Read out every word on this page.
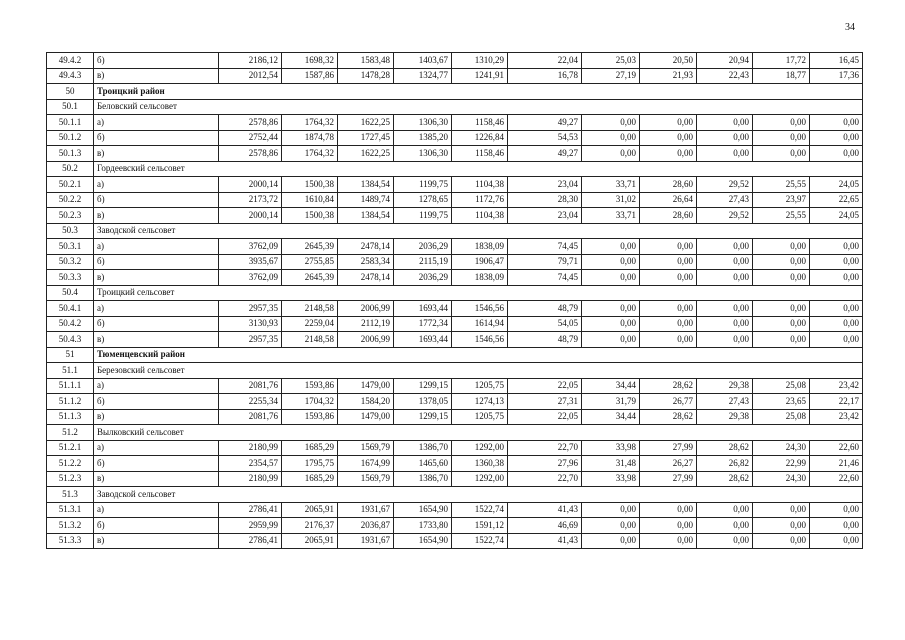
34
49.4.2	б)	2186,12	1698,32	1583,48	1403,67	1310,29	22,04	25,03	20,50	20,94	17,72	16,45
49.4.3	в)	2012,54	1587,86	1478,28	1324,77	1241,91	16,78	27,19	21,93	22,43	18,77	17,36
50	Троицкий район											
50.1	Беловский сельсовет											
50.1.1	а)	2578,86	1764,32	1622,25	1306,30	1158,46	49,27	0,00	0,00	0,00	0,00	0,00
50.1.2	б)	2752,44	1874,78	1727,45	1385,20	1226,84	54,53	0,00	0,00	0,00	0,00	0,00
50.1.3	в)	2578,86	1764,32	1622,25	1306,30	1158,46	49,27	0,00	0,00	0,00	0,00	0,00
50.2	Гордеевский сельсовет											
50.2.1	а)	2000,14	1500,38	1384,54	1199,75	1104,38	23,04	33,71	28,60	29,52	25,55	24,05
50.2.2	б)	2173,72	1610,84	1489,74	1278,65	1172,76	28,30	31,02	26,64	27,43	23,97	22,65
50.2.3	в)	2000,14	1500,38	1384,54	1199,75	1104,38	23,04	33,71	28,60	29,52	25,55	24,05
50.3	Заводской сельсовет											
50.3.1	а)	3762,09	2645,39	2478,14	2036,29	1838,09	74,45	0,00	0,00	0,00	0,00	0,00
50.3.2	б)	3935,67	2755,85	2583,34	2115,19	1906,47	79,71	0,00	0,00	0,00	0,00	0,00
50.3.3	в)	3762,09	2645,39	2478,14	2036,29	1838,09	74,45	0,00	0,00	0,00	0,00	0,00
50.4	Троицкий сельсовет											
50.4.1	а)	2957,35	2148,58	2006,99	1693,44	1546,56	48,79	0,00	0,00	0,00	0,00	0,00
50.4.2	б)	3130,93	2259,04	2112,19	1772,34	1614,94	54,05	0,00	0,00	0,00	0,00	0,00
50.4.3	в)	2957,35	2148,58	2006,99	1693,44	1546,56	48,79	0,00	0,00	0,00	0,00	0,00
51	Тюменцевский район											
51.1	Березовский сельсовет											
51.1.1	а)	2081,76	1593,86	1479,00	1299,15	1205,75	22,05	34,44	28,62	29,38	25,08	23,42
51.1.2	б)	2255,34	1704,32	1584,20	1378,05	1274,13	27,31	31,79	26,77	27,43	23,65	22,17
51.1.3	в)	2081,76	1593,86	1479,00	1299,15	1205,75	22,05	34,44	28,62	29,38	25,08	23,42
51.2	Вылковский сельсовет											
51.2.1	а)	2180,99	1685,29	1569,79	1386,70	1292,00	22,70	33,98	27,99	28,62	24,30	22,60
51.2.2	б)	2354,57	1795,75	1674,99	1465,60	1360,38	27,96	31,48	26,27	26,82	22,99	21,46
51.2.3	в)	2180,99	1685,29	1569,79	1386,70	1292,00	22,70	33,98	27,99	28,62	24,30	22,60
51.3	Заводской сельсовет											
51.3.1	а)	2786,41	2065,91	1931,67	1654,90	1522,74	41,43	0,00	0,00	0,00	0,00	0,00
51.3.2	б)	2959,99	2176,37	2036,87	1733,80	1591,12	46,69	0,00	0,00	0,00	0,00	0,00
51.3.3	в)	2786,41	2065,91	1931,67	1654,90	1522,74	41,43	0,00	0,00	0,00	0,00	0,00
